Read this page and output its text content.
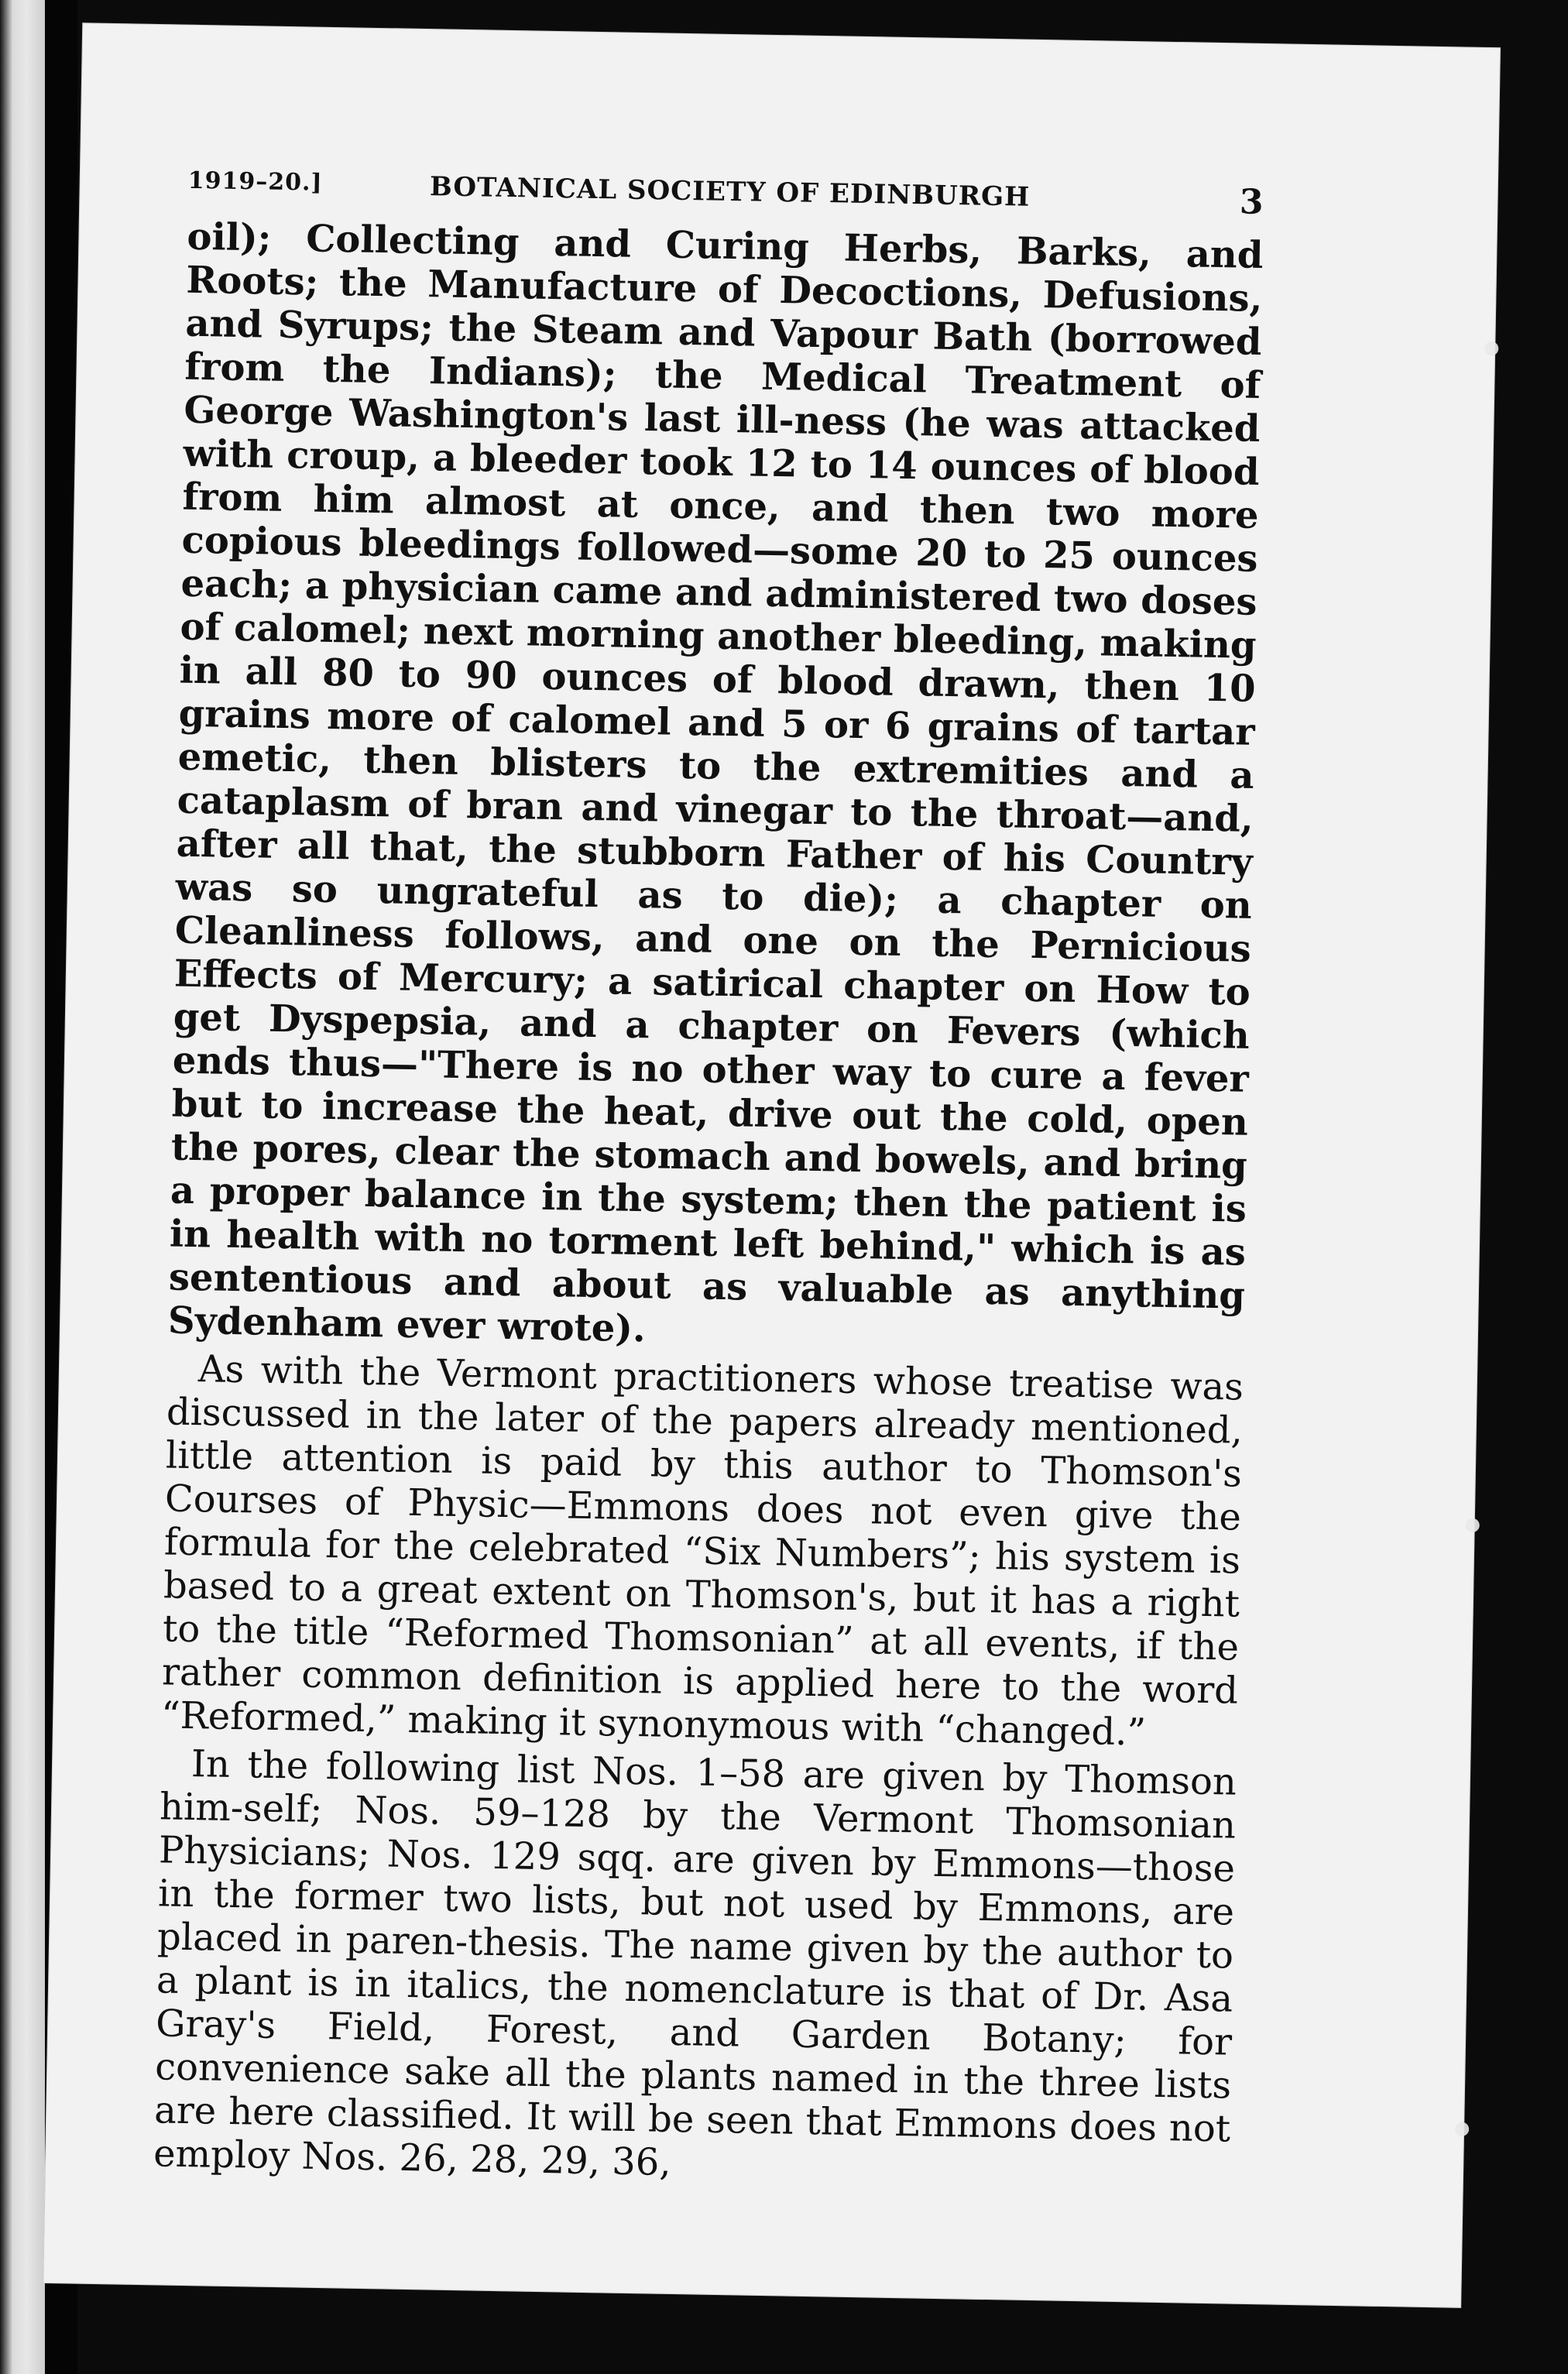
1919–20.]	BOTANICAL SOCIETY OF EDINBURGH	3

oil); Collecting and Curing Herbs, Barks, and Roots; the Manufacture of Decoctions, Defusions, and Syrups; the Steam and Vapour Bath (borrowed from the Indians); the Medical Treatment of George Washington's last ill-ness (he was attacked with croup, a bleeder took 12 to 14 ounces of blood from him almost at once, and then two more copious bleedings followed—some 20 to 25 ounces each; a physician came and administered two doses of calomel; next morning another bleeding, making in all 80 to 90 ounces of blood drawn, then 10 grains more of calomel and 5 or 6 grains of tartar emetic, then blisters to the extremities and a cataplasm of bran and vinegar to the throat—and, after all that, the stubborn Father of his Country was so ungrateful as to die); a chapter on Cleanliness follows, and one on the Pernicious Effects of Mercury; a satirical chapter on How to get Dyspepsia, and a chapter on Fevers (which ends thus—"There is no other way to cure a fever but to increase the heat, drive out the cold, open the pores, clear the stomach and bowels, and bring a proper balance in the system; then the patient is in health with no torment left behind," which is as sententious and about as valuable as anything Sydenham ever wrote).

As with the Vermont practitioners whose treatise was discussed in the later of the papers already mentioned, little attention is paid by this author to Thomson's Courses of Physic—Emmons does not even give the formula for the celebrated “Six Numbers”; his system is based to a great extent on Thomson's, but it has a right to the title “Reformed Thomsonian” at all events, if the rather common definition is applied here to the word “Reformed,” making it synonymous with “changed.”

In the following list Nos. 1–58 are given by Thomson him-self; Nos. 59–128 by the Vermont Thomsonian Physicians; Nos. 129 sqq. are given by Emmons—those in the former two lists, but not used by Emmons, are placed in paren-thesis. The name given by the author to a plant is in italics, the nomenclature is that of Dr. Asa Gray's Field, Forest, and Garden Botany; for convenience sake all the plants named in the three lists are here classified. It will be seen that Emmons does not employ Nos. 26, 28, 29, 36,
